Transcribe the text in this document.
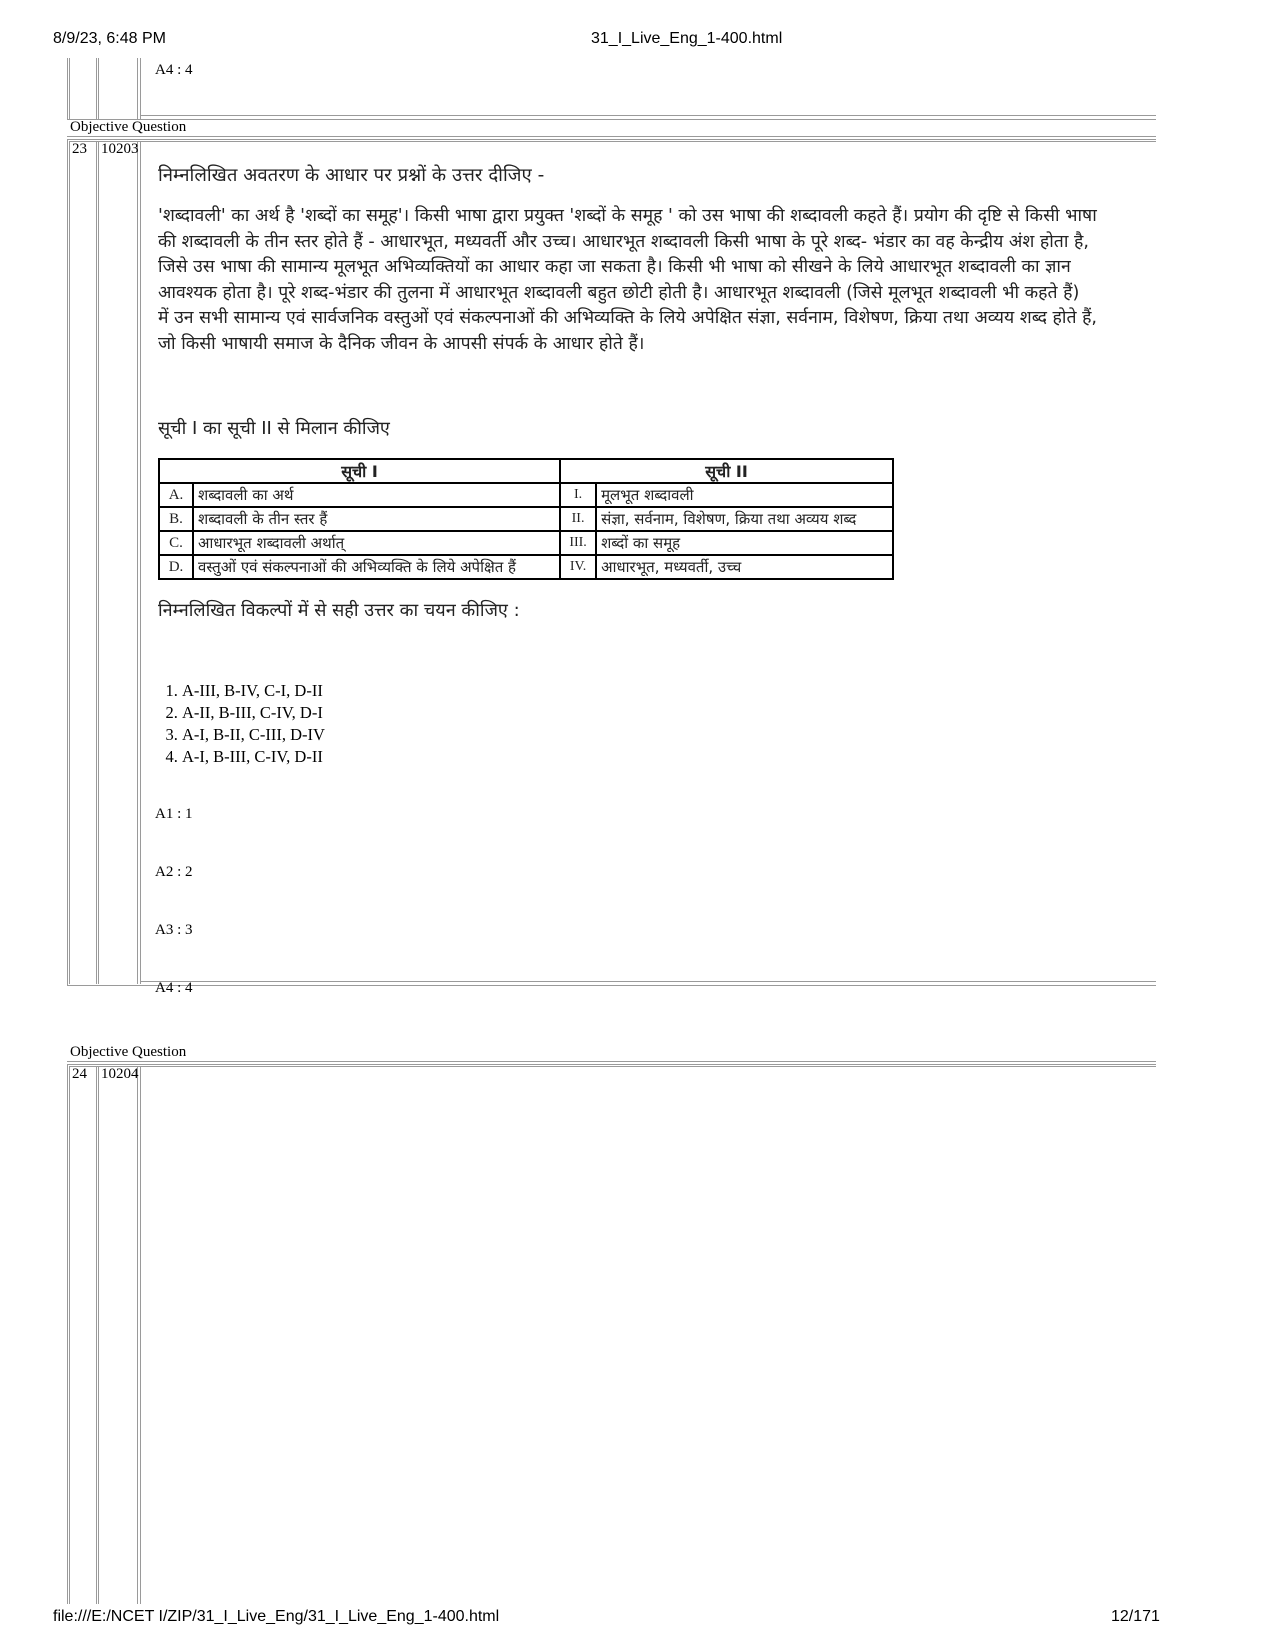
8/9/23, 6:48 PM	31_I_Live_Eng_1-400.html
file:///E:/NCET I/ZIP/31_I_Live_Eng/31_I_Live_Eng_1-400.html	12/171
A4 : 4
Objective Question
23 10203
निम्नलिखित अवतरण के आधार पर प्रश्नों के उत्तर दीजिए -
'शब्दावली' का अर्थ है 'शब्दों का समूह'। किसी भाषा द्वारा प्रयुक्त 'शब्दों के समूह ' को उस भाषा की शब्दावली कहते हैं। प्रयोग की दृष्टि से किसी भाषा
की शब्दावली के तीन स्तर होते हैं - आधारभूत, मध्यवर्ती और उच्च। आधारभूत शब्दावली किसी भाषा के पूरे शब्द- भंडार का वह केन्द्रीय अंश होता है,
जिसे उस भाषा की सामान्य मूलभूत अभिव्यक्तियों का आधार कहा जा सकता है। किसी भी भाषा को सीखने के लिये आधारभूत शब्दावली का ज्ञान
आवश्यक होता है। पूरे शब्द-भंडार की तुलना में आधारभूत शब्दावली बहुत छोटी होती है। आधारभूत शब्दावली (जिसे मूलभूत शब्दावली भी कहते हैं)
में उन सभी सामान्य एवं सार्वजनिक वस्तुओं एवं संकल्पनाओं की अभिव्यक्ति के लिये अपेक्षित संज्ञा, सर्वनाम, विशेषण, क्रिया तथा अव्यय शब्द होते हैं,
जो किसी भाषायी समाज के दैनिक जीवन के आपसी संपर्क के आधार होते हैं।
सूची I का सूची II से मिलान कीजिए
सूची I		सूची II	
A.	शब्दावली का अर्थ	I.	मूलभूत शब्दावली
B.	शब्दावली के तीन स्तर हैं	II.	संज्ञा, सर्वनाम, विशेषण, क्रिया तथा अव्यय शब्द
C.	आधारभूत शब्दावली अर्थात्	III.	शब्दों का समूह
D.	वस्तुओं एवं संकल्पनाओं की अभिव्यक्ति के लिये अपेक्षित हैं	IV.	आधारभूत, मध्यवर्ती, उच्च
निम्नलिखित विकल्पों में से सही उत्तर का चयन कीजिए :
1. A-III, B-IV, C-I, D-II
2. A-II, B-III, C-IV, D-I
3. A-I, B-II, C-III, D-IV
4. A-I, B-III, C-IV, D-II
A1 : 1
A2 : 2
A3 : 3
A4 : 4
Objective Question
24 10204
